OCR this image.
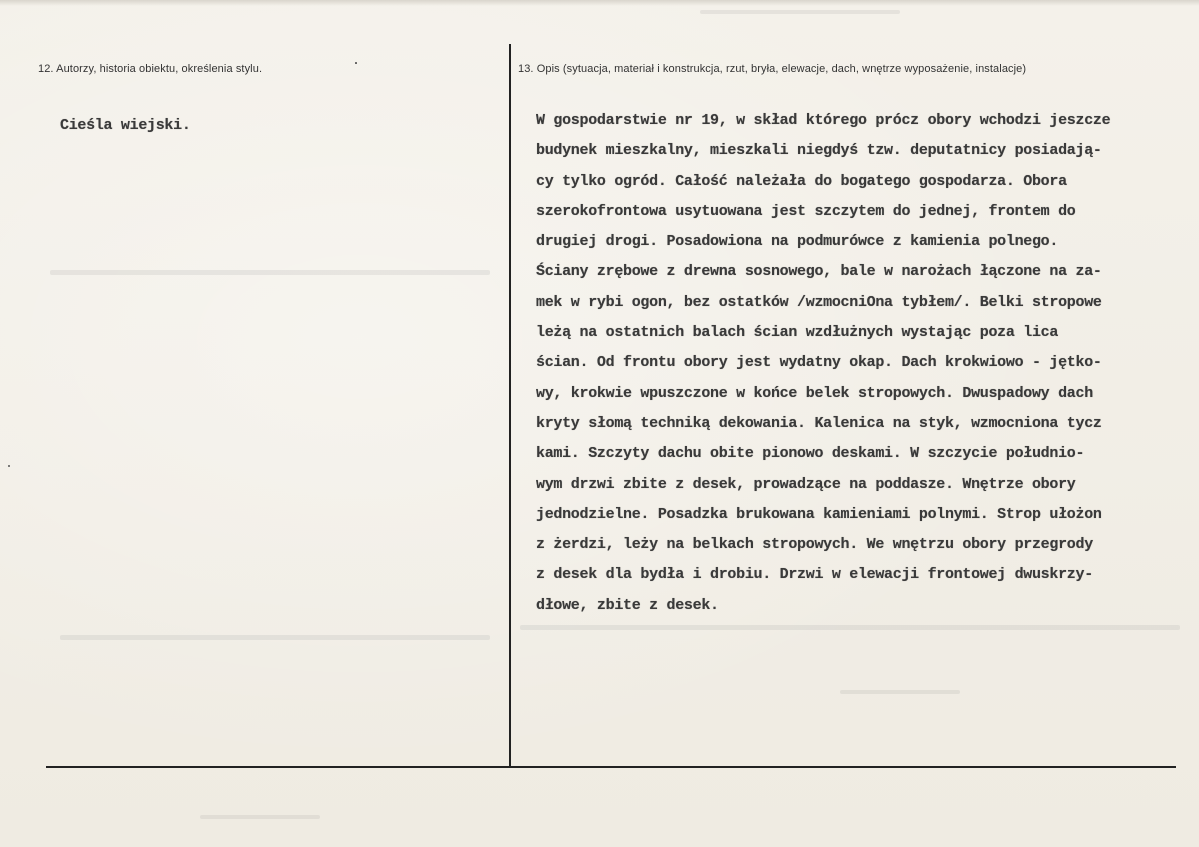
12. Autorzy, historia obiektu, określenia stylu.	13. Opis (sytuacja, materiał i konstrukcja, rzut, bryła, elewacje, dach, wnętrze wyposażenie, instalacje)
Cieśla wiejski.	W gospodarstwie nr 19, w skład którego prócz obory wchodzi jeszcze
budynek mieszkalny, mieszkali niegdyś tzw. deputatnicy posiadają-
cy tylko ogród. Całość należała do bogatego gospodarza. Obora
szerokofrontowa usytuowana jest szczytem do jednej, frontem do
drugiej drogi. Posadowiona na podmurówce z kamienia polnego.
Ściany zrębowe z drewna sosnowego, bale w narożach łączone na za-
mek w rybi ogon, bez ostatków /wzmocniOna tybłem/. Belki stropowe
leżą na ostatnich balach ścian wzdłużnych wystając poza lica
ścian. Od frontu obory jest wydatny okap. Dach krokwiowo - jętko-
wy, krokwie wpuszczone w końce belek stropowych. Dwuspadowy dach
kryty słomą techniką dekowania. Kalenica na styk, wzmocniona tycz
kami. Szczyty dachu obite pionowo deskami. W szczycie południo-
wym drzwi zbite z desek, prowadzące na poddasze. Wnętrze obory
jednodzielne. Posadzka brukowana kamieniami polnymi. Strop ułożon
z żerdzi, leży na belkach stropowych. We wnętrzu obory przegrody
z desek dla bydła i drobiu. Drzwi w elewacji frontowej dwuskrzy-
dłowe, zbite z desek.
